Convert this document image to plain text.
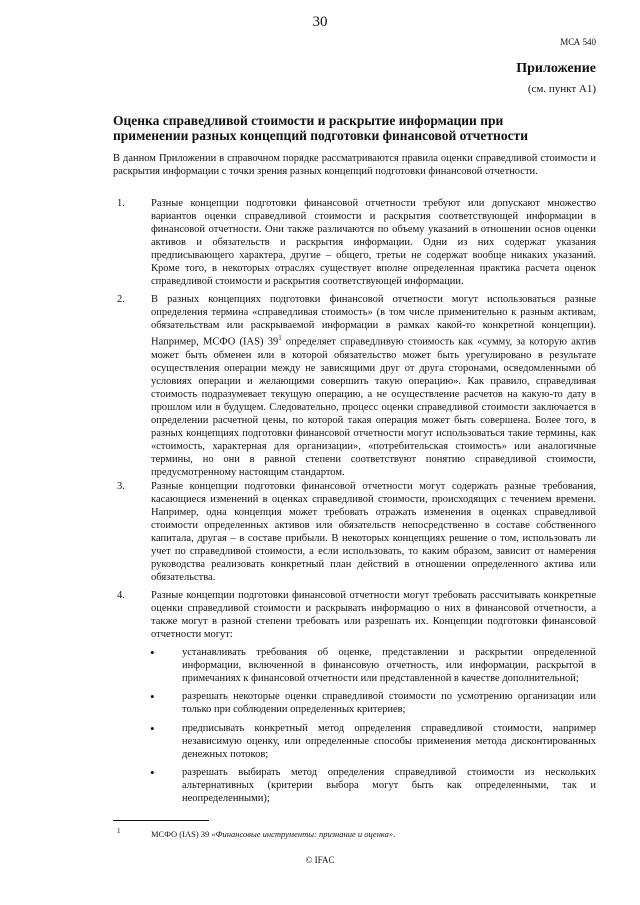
30
МСА 540
Приложение
(см. пункт А1)
Оценка справедливой стоимости и раскрытие информации при применении разных концепций подготовки финансовой отчетности
В данном Приложении в справочном порядке рассматриваются правила оценки справедливой стоимости и раскрытия информации с точки зрения разных концепций подготовки финансовой отчетности.
1. Разные концепции подготовки финансовой отчетности требуют или допускают множество вариантов оценки справедливой стоимости и раскрытия соответствующей информации в финансовой отчетности. Они также различаются по объему указаний в отношении основ оценки активов и обязательств и раскрытия информации. Одни из них содержат указания предписывающего характера, другие – общего, третьи не содержат вообще никаких указаний. Кроме того, в некоторых отраслях существует вполне определенная практика расчета оценок справедливой стоимости и раскрытия соответствующей информации.
2. В разных концепциях подготовки финансовой отчетности могут использоваться разные определения термина «справедливая стоимость» (в том числе применительно к разным активам, обязательствам или раскрываемой информации в рамках какой-то конкретной концепции). Например, МСФО (IAS) $39^1$ определяет справедливую стоимость как «сумму, за которую актив может быть обменен или в которой обязательство может быть урегулировано в результате осуществления операции между не зависящими друг от друга сторонами, осведомленными об условиях операции и желающими совершить такую операцию». Как правило, справедливая стоимость подразумевает текущую операцию, а не осуществление расчетов на какую-то дату в прошлом или в будущем. Следовательно, процесс оценки справедливой стоимости заключается в определении расчетной цены, по которой такая операция может быть совершена. Более того, в разных концепциях подготовки финансовой отчетности могут использоваться такие термины, как «стоимость, характерная для организации», «потребительская стоимость» или аналогичные термины, но они в равной степени соответствуют понятию справедливой стоимости, предусмотренному настоящим стандартом.
3. Разные концепции подготовки финансовой отчетности могут содержать разные требования, касающиеся изменений в оценках справедливой стоимости, происходящих с течением времени. Например, одна концепция может требовать отражать изменения в оценках справедливой стоимости определенных активов или обязательств непосредственно в составе собственного капитала, другая – в составе прибыли. В некоторых концепциях решение о том, использовать ли учет по справедливой стоимости, а если использовать, то каким образом, зависит от намерения руководства реализовать конкретный план действий в отношении определенного актива или обязательства.
4. Разные концепции подготовки финансовой отчетности могут требовать рассчитывать конкретные оценки справедливой стоимости и раскрывать информацию о них в финансовой отчетности, а также могут в разной степени требовать или разрешать их. Концепции подготовки финансовой отчетности могут:
•	устанавливать требования об оценке, представлении и раскрытии определенной информации, включенной в финансовую отчетность, или информации, раскрытой в примечаниях к финансовой отчетности или представленной в качестве дополнительной;
•	разрешать некоторые оценки справедливой стоимости по усмотрению организации или только при соблюдении определенных критериев;
•	предписывать конкретный метод определения справедливой стоимости, например независимую оценку, или определенные способы применения метода дисконтированных денежных потоков;
•	разрешать выбирать метод определения справедливой стоимости из нескольких альтернативных (критерии выбора могут быть как определенными, так и неопределенными);
1	МСФО (IAS) 39 «Финансовые инструменты: признание и оценка».
© IFAC
